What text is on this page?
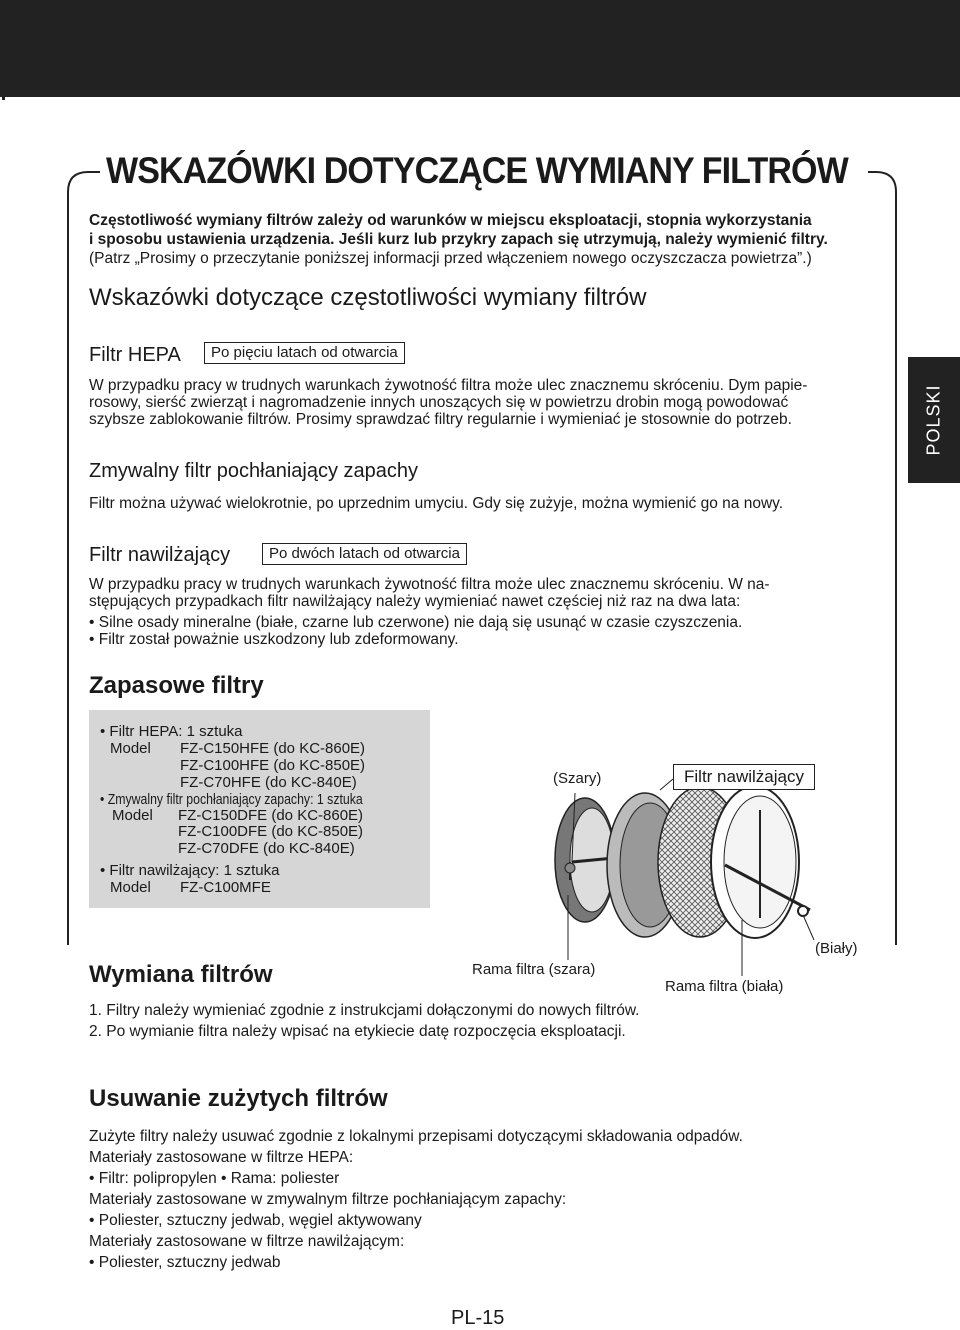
WSKAZÓWKI DOTYCZĄCE WYMIANY FILTRÓW
Częstotliwość wymiany filtrów zależy od warunków w miejscu eksploatacji, stopnia wykorzystania
i sposobu ustawienia urządzenia. Jeśli kurz lub przykry zapach się utrzymują, należy wymienić filtry.
(Patrz „Prosimy o przeczytanie poniższej informacji przed włączeniem nowego oczyszczacza powietrza”.)
Wskazówki dotyczące częstotliwości wymiany filtrów
Filtr HEPA	Po pięciu latach od otwarcia

W przypadku pracy w trudnych warunkach żywotność filtra może ulec znacznemu skróceniu. Dym papie-

rosowy, sierść zwierząt i nagromadzenie innych unoszących się w powietrzu drobin mogą powodować

szybsze zablokowanie filtrów. Prosimy sprawdzać filtry regularnie i wymieniać je stosownie do potrzeb.

Zmywalny filtr pochłaniający zapachy
Filtr można używać wielokrotnie, po uprzednim umyciu. Gdy się zużyje, można wymienić go na nowy.
Filtr nawilżający	Po dwóch latach od otwarcia

W przypadku pracy w trudnych warunkach żywotność filtra może ulec znacznemu skróceniu. W na-

stępujących przypadkach filtr nawilżający należy wymieniać nawet częściej niż raz na dwa lata:

• Silne osady mineralne (białe, czarne lub czerwone) nie dają się usunąć w czasie czyszczenia.

• Filtr został poważnie uszkodzony lub zdeformowany.

POLSKI
Zapasowe filtry
• Filtr HEPA: 1 sztuka
Model FZ-C150HFE (do KC-860E)
FZ-C100HFE (do KC-850E)
FZ-C70HFE (do KC-840E)
• Zmywalny filtr pochłaniający zapachy: 1 sztuka
Model FZ-C150DFE (do KC-860E)
FZ-C100DFE (do KC-850E)
FZ-C70DFE (do KC-840E)
• Filtr nawilżający: 1 sztuka
Model FZ-C100MFE
(Szary)	Filtr nawilżający
(Biały)
Rama filtra (szara)
Rama filtra (biała)
Wymiana filtrów

1. Filtry należy wymieniać zgodnie z instrukcjami dołączonymi do nowych filtrów.

2. Po wymianie filtra należy wpisać na etykiecie datę rozpoczęcia eksploatacji.

Usuwanie zużytych filtrów

Zużyte filtry należy usuwać zgodnie z lokalnymi przepisami dotyczącymi składowania odpadów.

Materiały zastosowane w filtrze HEPA:

• Filtr: polipropylen • Rama: poliester

Materiały zastosowane w zmywalnym filtrze pochłaniającym zapachy:

• Poliester, sztuczny jedwab, węgiel aktywowany

Materiały zastosowane w filtrze nawilżającym:

• Poliester, sztuczny jedwab

PL-15
